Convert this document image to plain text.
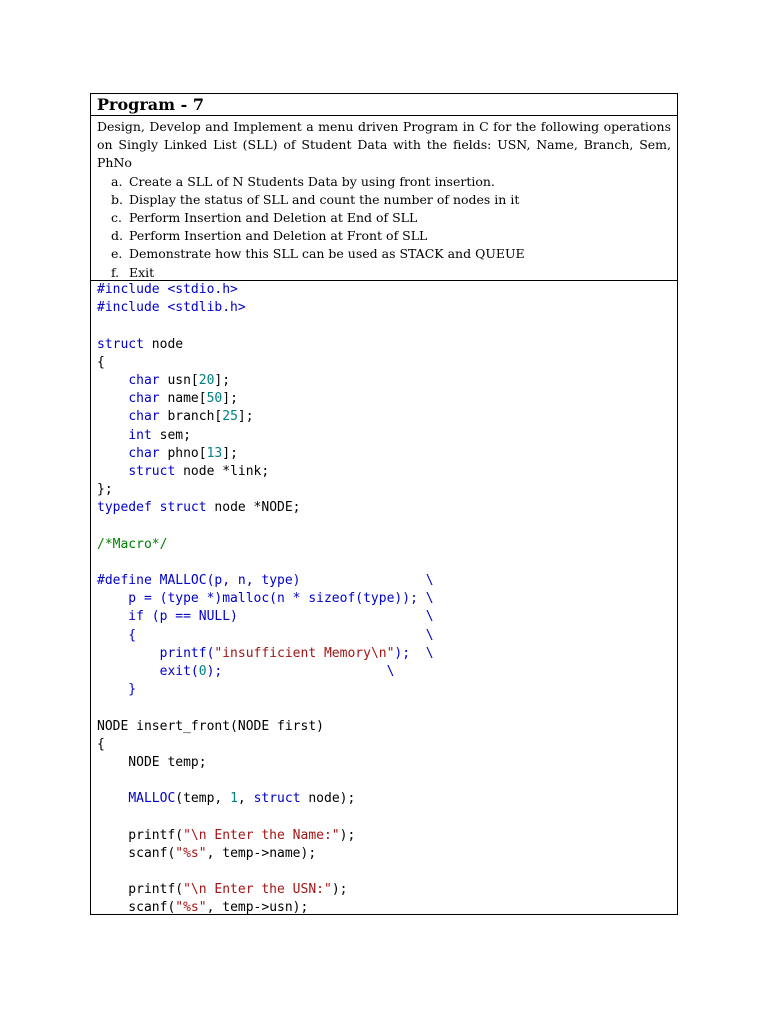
Program - 7

Design, Develop and Implement a menu driven Program in C for the following operations on Singly Linked List (SLL) of Student Data with the fields: USN, Name, Branch, Sem, PhNo

a. Create a SLL of N Students Data by using front insertion.
b. Display the status of SLL and count the number of nodes in it
c. Perform Insertion and Deletion at End of SLL
d. Perform Insertion and Deletion at Front of SLL
e. Demonstrate how this SLL can be used as STACK and QUEUE
f. Exit
#include <stdio.h>
#include <stdlib.h>
struct node
{
char usn[20];
char name[50];
char branch[25];
int sem;
char phno[13];
struct node *link;
};
typedef struct node *NODE;
/*Macro*/
#define MALLOC(p, n, type)	\
p = (type *)malloc(n * sizeof(type)); \
if (p == NULL)                        \
{                                     \
printf("insufficient Memory\n");  \
exit(0);                     \
}
NODE insert_front(NODE first)
{
NODE temp;
MALLOC(temp, 1, struct node);
printf("\n Enter the Name:");
scanf("%s", temp->name);
printf("\n Enter the USN:");
scanf("%s", temp->usn);
